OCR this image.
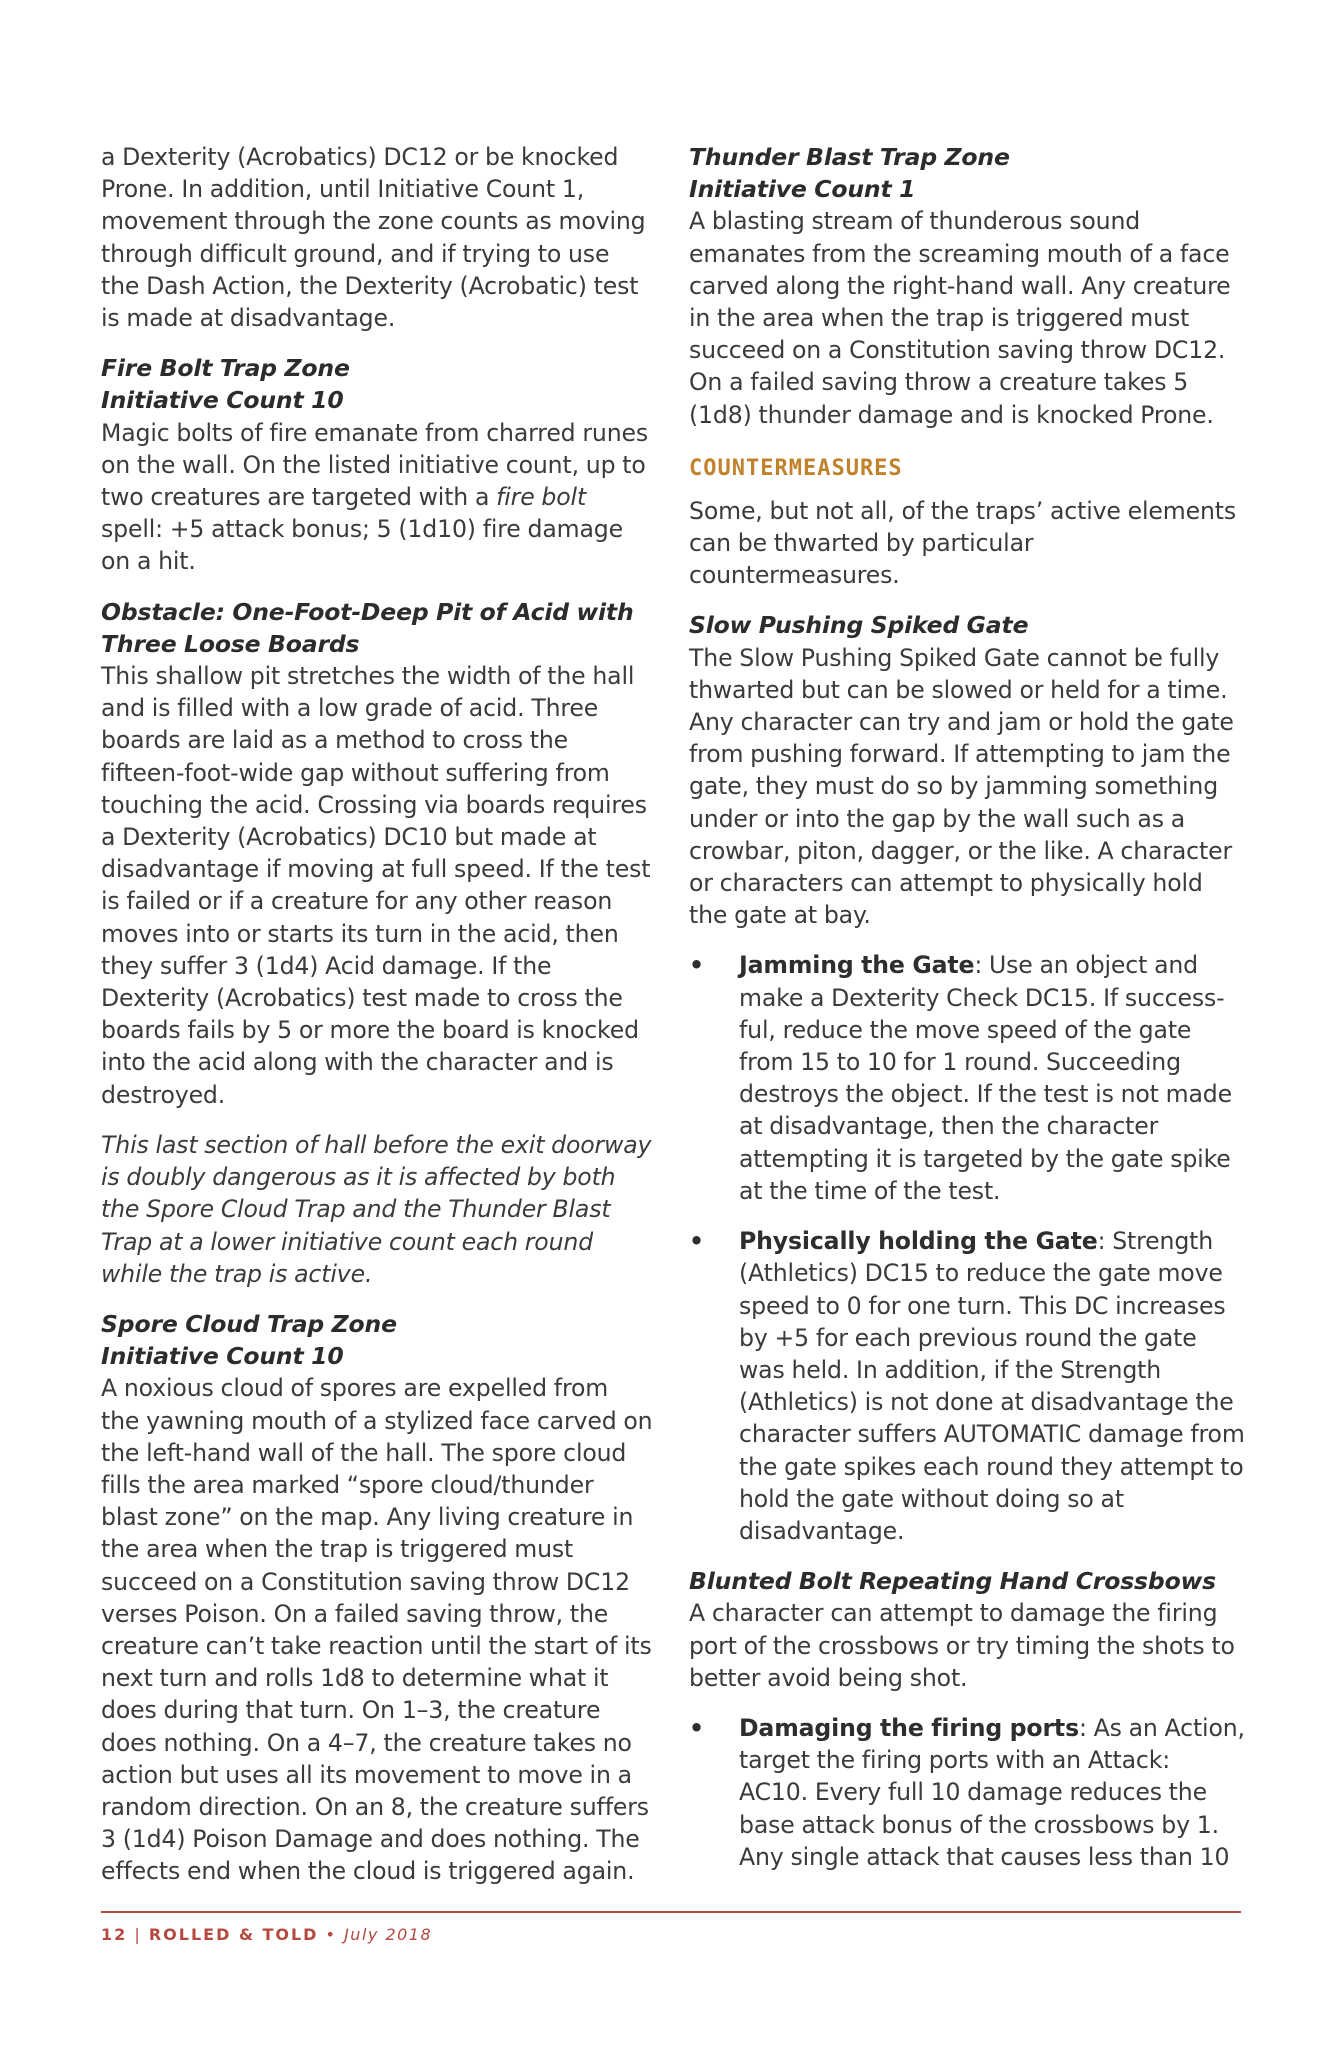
a Dexterity (Acrobatics) DC12 or be knocked Prone. In addition, until Initiative Count 1, movement through the zone counts as moving through difficult ground, and if trying to use the Dash Action, the Dexterity (Acrobatic) test is made at disadvantage.

Fire Bolt Trap Zone
Initiative Count 10

Magic bolts of fire emanate from charred runes on the wall. On the listed initiative count, up to two creatures are targeted with a fire bolt spell: +5 attack bonus; 5 (1d10) fire damage on a hit.

Obstacle: One-Foot-Deep Pit of Acid with
Three Loose Boards

This shallow pit stretches the width of the hall and is filled with a low grade of acid. Three boards are laid as a method to cross the fifteen-foot-wide gap without suffering from touching the acid. Crossing via boards requires a Dexterity (Acrobatics) DC10 but made at disadvantage if moving at full speed. If the test is failed or if a creature for any other reason moves into or starts its turn in the acid, then they suffer 3 (1d4) Acid damage. If the Dexterity (Acrobatics) test made to cross the boards fails by 5 or more the board is knocked into the acid along with the character and is destroyed.

This last section of hall before the exit doorway is doubly dangerous as it is affected by both the Spore Cloud Trap and the Thunder Blast Trap at a lower initiative count each round while the trap is active.

Spore Cloud Trap Zone
Initiative Count 10

A noxious cloud of spores are expelled from the yawning mouth of a stylized face carved on the left-hand wall of the hall. The spore cloud fills the area marked “spore cloud/thunder blast zone” on the map. Any living creature in the area when the trap is triggered must succeed on a Constitution saving throw DC12 verses Poison. On a failed saving throw, the creature can’t take reaction until the start of its next turn and rolls 1d8 to determine what it does during that turn. On 1–3, the creature does nothing. On a 4–7, the creature takes no action but uses all its movement to move in a random direction. On an 8, the creature suffers 3 (1d4) Poison Damage and does nothing. The effects end when the cloud is triggered again.

Thunder Blast Trap Zone
Initiative Count 1

A blasting stream of thunderous sound emanates from the screaming mouth of a face carved along the right-hand wall. Any creature in the area when the trap is triggered must succeed on a Constitution saving throw DC12. On a failed saving throw a creature takes 5 (1d8) thunder damage and is knocked Prone.

COUNTERMEASURES

Some, but not all, of the traps’ active elements can be thwarted by particular countermeasures.

Slow Pushing Spiked Gate

The Slow Pushing Spiked Gate cannot be fully thwarted but can be slowed or held for a time. Any character can try and jam or hold the gate from pushing forward. If attempting to jam the gate, they must do so by jamming something under or into the gap by the wall such as a crowbar, piton, dagger, or the like. A character or characters can attempt to physically hold the gate at bay.

• Jamming the Gate: Use an object and make a Dexterity Check DC15. If success- ful, reduce the move speed of the gate from 15 to 10 for 1 round. Succeeding destroys the object. If the test is not made at disadvantage, then the character attempting it is targeted by the gate spike at the time of the test.
• Physically holding the Gate: Strength (Athletics) DC15 to reduce the gate move speed to 0 for one turn. This DC increases by +5 for each previous round the gate was held. In addition, if the Strength (Athletics) is not done at disadvantage the character suffers AUTOMATIC damage from the gate spikes each round they attempt to hold the gate without doing so at disadvantage.
Blunted Bolt Repeating Hand Crossbows

A character can attempt to damage the firing port of the crossbows or try timing the shots to better avoid being shot.

• Damaging the firing ports: As an Action, target the firing ports with an Attack: AC10. Every full 10 damage reduces the base attack bonus of the crossbows by 1. Any single attack that causes less than 10
12 | ROLLED & TOLD • July 2018
